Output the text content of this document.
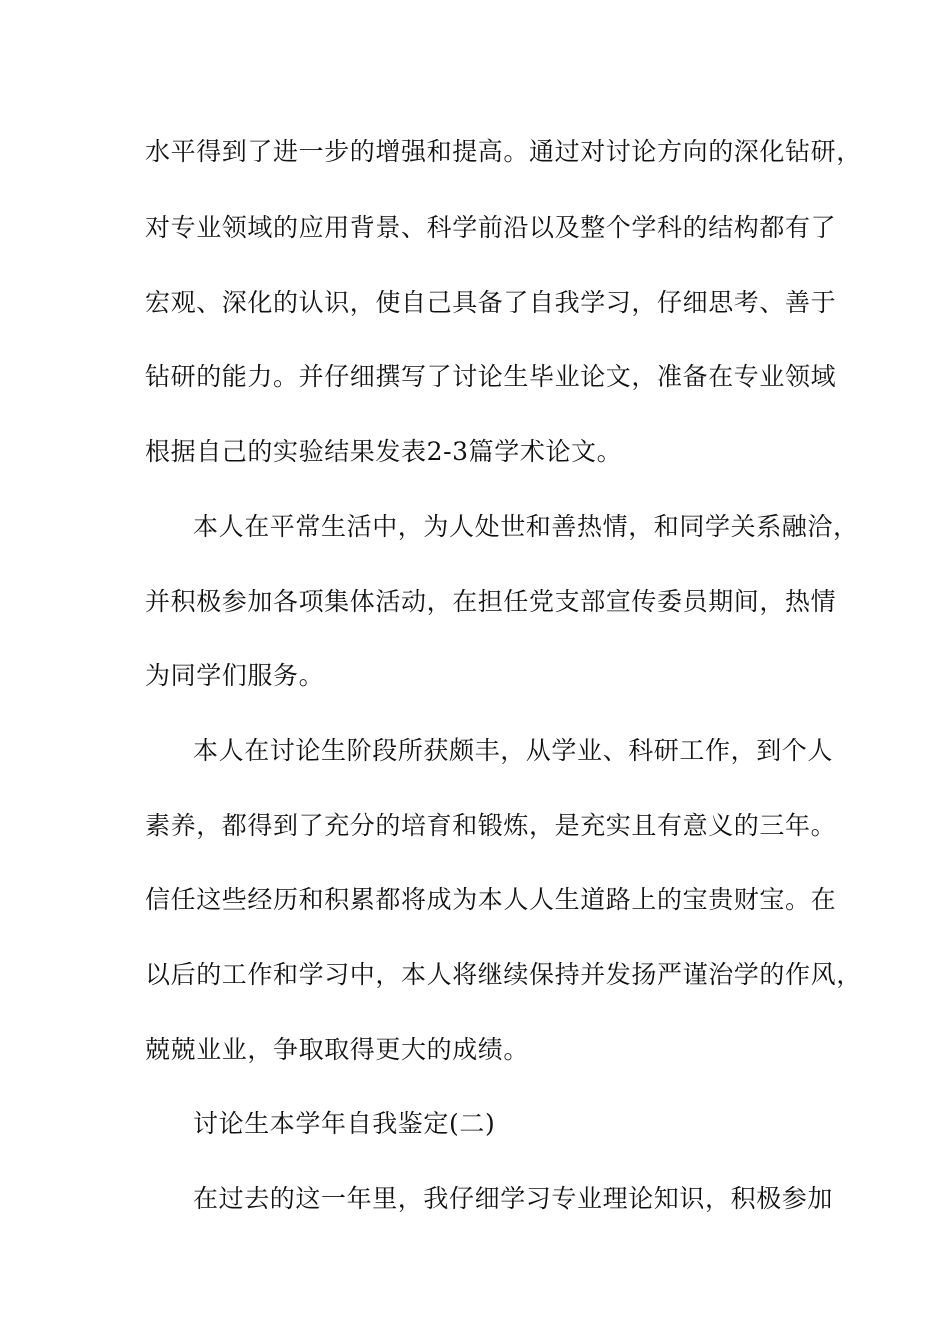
水平得到了进一步的增强和提高。通过对讨论方向的深化钻研，
对专业领域的应用背景、科学前沿以及整个学科的结构都有了
宏观、深化的认识，使自己具备了自我学习，仔细思考、善于
钻研的能力。并仔细撰写了讨论生毕业论文，准备在专业领域
根据自己的实验结果发表2-3篇学术论文。
本人在平常生活中，为人处世和善热情，和同学关系融洽，
并积极参加各项集体活动，在担任党支部宣传委员期间，热情
为同学们服务。
本人在讨论生阶段所获颇丰，从学业、科研工作，到个人
素养，都得到了充分的培育和锻炼，是充实且有意义的三年。
信任这些经历和积累都将成为本人人生道路上的宝贵财宝。在
以后的工作和学习中，本人将继续保持并发扬严谨治学的作风，
兢兢业业，争取取得更大的成绩。
讨论生本学年自我鉴定(二)
在过去的这一年里，我仔细学习专业理论知识，积极参加
